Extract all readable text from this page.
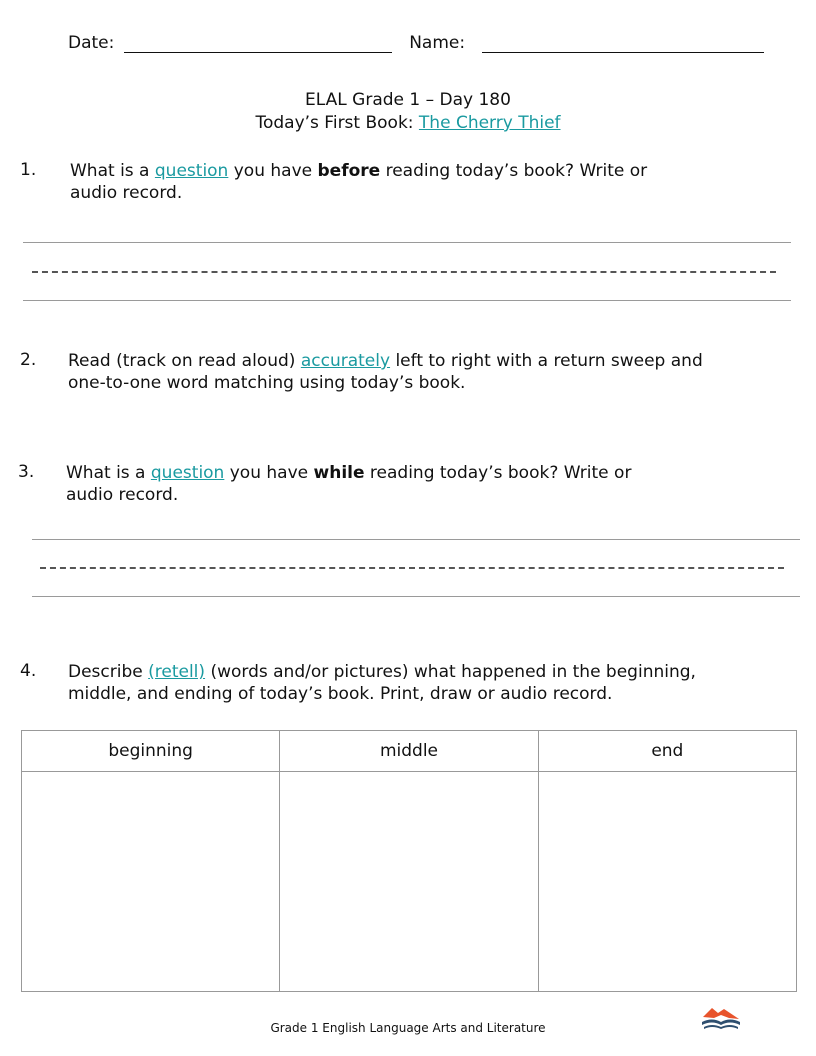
Date:	Name:
ELAL Grade 1 – Day 180
Today’s First Book: The Cherry Thief
1.	What is a question you have before reading today’s book? Write or
audio record.
2.	Read (track on read aloud) accurately left to right with a return sweep and
one-to-one word matching using today’s book.
3.	What is a question you have while reading today’s book? Write or
audio record.
4.	Describe (retell) (words and/or pictures) what happened in the beginning,
middle, and ending of today’s book. Print, draw or audio record.
beginning	middle	end

Grade 1 English Language Arts and Literature
